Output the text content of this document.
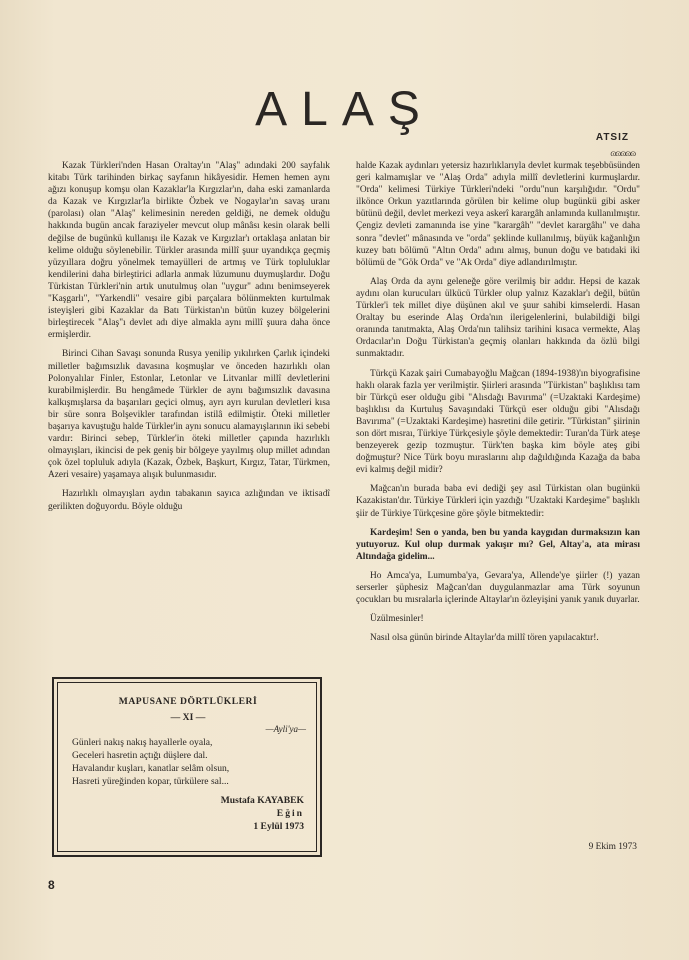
ALAŞ
ATSIZ
ɷɷɷɷɷ

Kazak Türkleri'nden Hasan Oraltay'ın "Alaş" adındaki 200 sayfalık kitabı Türk tarihinden birkaç sayfanın hikâyesidir. Hemen hemen aynı ağızı konuşup komşu olan Kazaklar'la Kırgızlar'ın, daha eski zamanlarda da Kazak ve Kırgızlar'la birlikte Özbek ve Nogaylar'ın savaş uranı (parolası) olan "Alaş" kelimesinin nereden geldiği, ne demek olduğu hakkında bugün ancak faraziyeler mevcut olup mânâsı kesin olarak belli değilse de bugünkü kullanışı ile Kazak ve Kırgızlar'ı ortaklaşa anlatan bir kelime olduğu söylenebilir. Türkler arasında millî şuur uyandıkça geçmiş yüzyıllara doğru yönelmek temayülleri de artmış ve Türk topluluklar kendilerini daha birleştirici adlarla anmak lüzumunu duymuşlardır. Doğu Türkistan Türkleri'nin artık unutulmuş olan "uygur" adını benimseyerek "Kaşgarlı", "Yarkendli" vesaire gibi parçalara bölünmekten kurtulmak isteyişleri gibi Kazaklar da Batı Türkistan'ın bütün kuzey bölgelerini birleştirecek "Alaş"ı devlet adı diye almakla aynı millî şuura daha önce ermişlerdir.

Birinci Cihan Savaşı sonunda Rusya yenilip yıkılırken Çarlık içindeki milletler bağımsızlık davasına koşmuşlar ve önceden hazırlıklı olan Polonyalılar Finler, Estonlar, Letonlar ve Litvanlar millî devletlerini kurabilmişlerdir. Bu hengâmede Türkler de aynı bağımsızlık davasına kalkışmışlarsa da başarıları geçici olmuş, ayrı ayrı kurulan devletleri kısa bir süre sonra Bolşevikler tarafından istilâ edilmiştir. Öteki milletler başarıya kavuştuğu halde Türkler'in aynı sonucu alamayışlarının iki sebebi vardır: Birinci sebep, Türkler'in öteki milletler çapında hazırlıklı olmayışları, ikincisi de pek geniş bir bölgeye yayılmış olup millet adından çok özel topluluk adıyla (Kazak, Özbek, Başkurt, Kırgız, Tatar, Türkmen, Azeri vesaire) yaşamaya alışık bulunmasıdır.

Hazırlıklı olmayışları aydın tabakanın sayıca azlığından ve iktisadî gerilikten doğuyordu. Böyle olduğu

halde Kazak aydınları yetersiz hazırlıklarıyla devlet kurmak teşebbüsünden geri kalmamışlar ve "Alaş Orda" adıyla millî devletlerini kurmuşlardır. "Orda" kelimesi Türkiye Türkleri'ndeki "ordu"nun karşılığıdır. "Ordu" ilkönce Orkun yazıtlarında görülen bir kelime olup bugünkü gibi asker bütünü değil, devlet merkezi veya askerî karargâh anlamında kullanılmıştır. Çengiz devleti zamanında ise yine "karargâh" "devlet karargâhı" ve daha sonra "devlet" mânasında ve "orda" şeklinde kullanılmış, büyük kağanlığın kuzey batı bölümü "Altın Orda" adını almış, bunun doğu ve batıdaki iki bölümü de "Gök Orda" ve "Ak Orda" diye adlandırılmıştır.

Alaş Orda da aynı geleneğe göre verilmiş bir addır. Hepsi de kazak aydını olan kurucuları ülkücü Türkler olup yalnız Kazaklar'ı değil, bütün Türkler'i tek millet diye düşünen akıl ve şuur sahibi kimselerdi. Hasan Oraltay bu eserinde Alaş Orda'nın ilerigelenlerini, bulabildiği bilgi oranında tanıtmakta, Alaş Orda'nın talihsiz tarihini kısaca vermekte, Alaş Ordacılar'ın Doğu Türkistan'a geçmiş olanları hakkında da özlü bilgi sunmaktadır.

Türkçü Kazak şairi Cumabayoğlu Mağcan (1894-1938)'ın biyografisine haklı olarak fazla yer verilmiştir. Şiirleri arasında "Türkistan" başlıklısı tam bir Türkçü eser olduğu gibi "Alısdağı Bavırıma" (=Uzaktaki Kardeşime) başlıklısı da Kurtuluş Savaşındaki Türkçü eser olduğu gibi "Alısdağı Bavırıma" (=Uzaktaki Kardeşime) hasretini dile getirir. "Türkistan" şiirinin son dört mısraı, Türkiye Türkçesiyle şöyle demektedir: Turan'da Türk ateşe benzeyerek gezip tozmuştur. Türk'ten başka kim böyle ateş gibi doğmuştur? Nice Türk boyu mıraslarını alıp dağıldığında Kazağa da baba evi kalmış değil midir?

Mağcan'ın burada baba evi dediği şey asıl Türkistan olan bugünkü Kazakistan'dır. Türkiye Türkleri için yazdığı "Uzaktaki Kardeşime" başlıklı şiir de Türkiye Türkçesine göre şöyle bitmektedir:

Kardeşim! Sen o yanda, ben bu yanda kaygıdan durmaksızın kan yutuyoruz. Kul olup durmak yakışır mı? Gel, Altay'a, ata mirası Altındağa gidelim...

Ho Amca'ya, Lumumba'ya, Gevara'ya, Allende'ye şiirler (!) yazan serserler şüphesiz Mağcan'dan duygulanmazlar ama Türk soyunun çocukları bu mısralarla içlerinde Altaylar'ın özleyişini yanık yanık duyarlar.

Üzülmesinler!

Nasıl olsa günün birinde Altaylar'da millî tören yapılacaktır!.

9 Ekim 1973
MAPUSANE DÖRTLÜKLERİ
— XI —
—Ayli'ya—
Günleri nakış nakış hayallerle oyala,
Geceleri hasretin açtığı düşlere dal.
Havalandır kuşları, kanatlar selâm olsun,
Hasreti yüreğinden kopar, türkülere sal...
Mustafa KAYABEK
Eğin
1 Eylül 1973
8
